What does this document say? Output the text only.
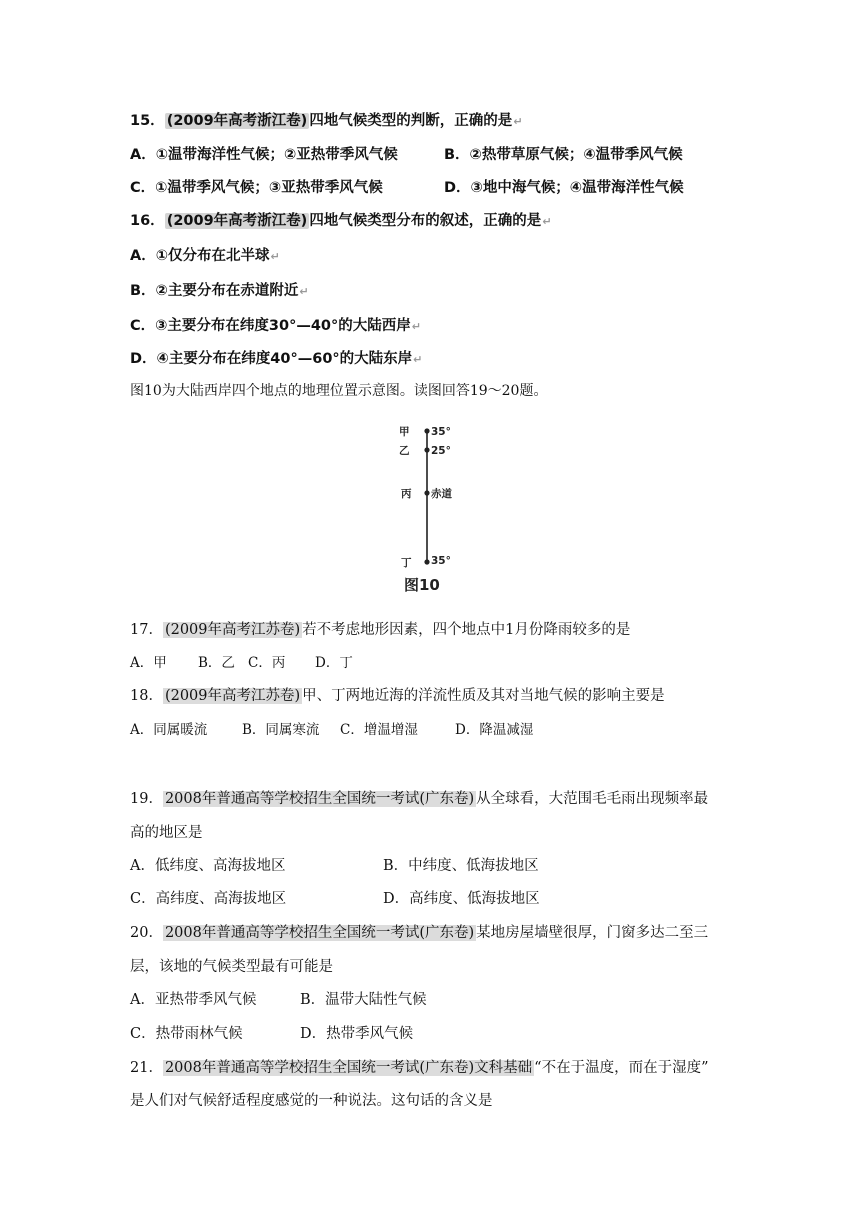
15． (2009年高考浙江卷) 四地气候类型的判断，正确的是↵
A．①温带海洋性气候；②亚热带季风气候	B．②热带草原气候；④温带季风气候
C．①温带季风气候；③亚热带季风气候	D．③地中海气候；④温带海洋性气候
16． (2009年高考浙江卷) 四地气候类型分布的叙述，正确的是↵
A．①仅分布在北半球↵
B．②主要分布在赤道附近↵
C．③主要分布在纬度30°—40°的大陆西岸↵
D．④主要分布在纬度40°—60°的大陆东岸↵
图10为大陆西岸四个地点的地理位置示意图。读图回答19～20题。
甲 35°
乙 25°
丙 赤道
丁 35°
图10
17． (2009年高考江苏卷) 若不考虑地形因素，四个地点中1月份降雨较多的是
A．甲 B．乙 C．丙 D．丁
18． (2009年高考江苏卷) 甲、丁两地近海的洋流性质及其对当地气候的影响主要是
A．同属暖流	B．同属寒流 C．增温增湿	D．降温减湿
19． 2008年普通高等学校招生全国统一考试(广东卷) 从全球看，大范围毛毛雨出现频率最
高的地区是
A．低纬度、高海拔地区	B．中纬度、低海拔地区
C．高纬度、高海拔地区	D．高纬度、低海拔地区
20． 2008年普通高等学校招生全国统一考试(广东卷) 某地房屋墙壁很厚，门窗多达二至三
层，该地的气候类型最有可能是
A．亚热带季风气候	B．温带大陆性气候
C．热带雨林气候	D．热带季风气候
21． 2008年普通高等学校招生全国统一考试(广东卷)文科基础 “不在于温度，而在于湿度”
是人们对气候舒适程度感觉的一种说法。这句话的含义是
